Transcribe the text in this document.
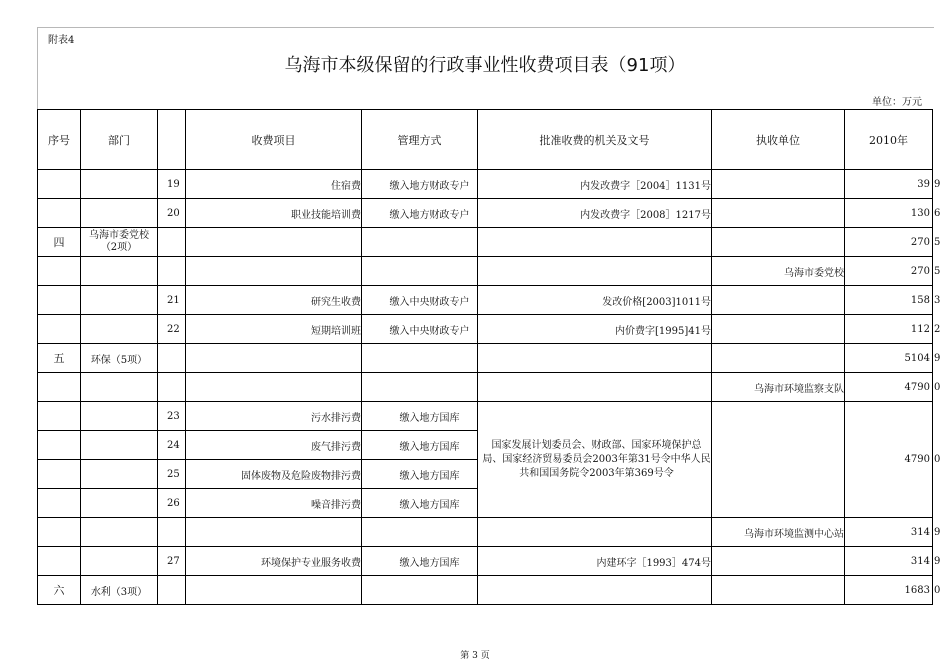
附表4
乌海市本级保留的行政事业性收费项目表（91项）
单位：万元
序号	部门		收费项目	管理方式	批准收费的机关及文号	执收单位	2010年	
		19	住宿费	缴入地方财政专户	内发改费字［2004］1131号		39	9
		20	职业技能培训费	缴入地方财政专户	内发改费字［2008］1217号		130	6
四	乌海市委党校（2项）						270	5
						乌海市委党校	270	5
		21	研究生收费	缴入中央财政专户	发改价格[2003]1011号		158	3
		22	短期培训班	缴入中央财政专户	内价费字[1995]41号		112	2
五	环保（5项）						5104	9
						乌海市环境监察支队	4790	0
		23	污水排污费	缴入地方国库	国家发展计划委员会、财政部、国家环境保护总局、国家经济贸易委员会2003年第31号令中华人民共和国国务院令2003年第369号令		4790	0
		24	废气排污费	缴入地方国库				
		25	固体废物及危险废物排污费	缴入地方国库				
		26	噪音排污费	缴入地方国库				
						乌海市环境监测中心站	314	9
		27	环境保护专业服务收费	缴入地方国库	内建环字［1993］474号		314	9
六	水利（3项）						1683	0
第 3 页
